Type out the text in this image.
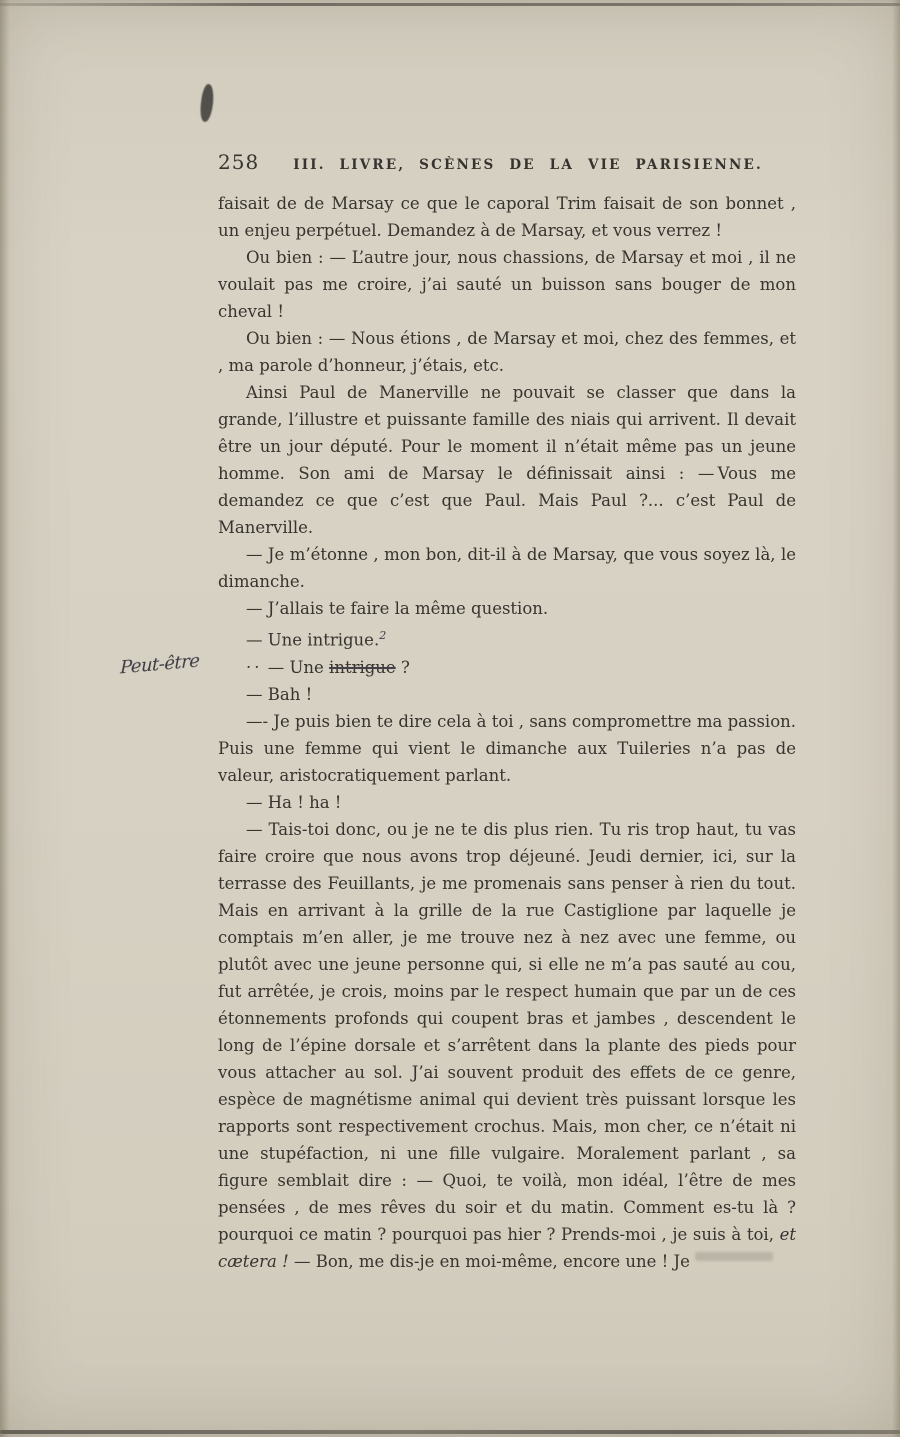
258	III. LIVRE, SCÈNES DE LA VIE PARISIENNE.

faisait de de Marsay ce que le caporal Trim faisait de son bonnet , un enjeu perpétuel. Demandez à de Marsay, et vous verrez !

Ou bien : — L’autre jour, nous chassions, de Marsay et moi , il ne voulait pas me croire, j’ai sauté un buisson sans bouger de mon cheval !

Ou bien : — Nous étions , de Marsay et moi, chez des femmes, et , ma parole d’honneur, j’étais, etc.

Ainsi Paul de Manerville ne pouvait se classer que dans la grande, l’illustre et puissante famille des niais qui arrivent. Il devait être un jour député. Pour le moment il n’était même pas un jeune homme. Son ami de Marsay le définissait ainsi : — Vous me demandez ce que c’est que Paul. Mais Paul ?... c’est Paul de Manerville.

— Je m’étonne , mon bon, dit-il à de Marsay, que vous soyez là, le dimanche.

— J’allais te faire la même question.

— Une intrigue.$^2$

Peut-être	·· — Une intrigue ?

— Bah !

—- Je puis bien te dire cela à toi , sans compromettre ma passion. Puis une femme qui vient le dimanche aux Tuileries n’a pas de valeur, aristocratiquement parlant.

— Ha ! ha !

— Tais-toi donc, ou je ne te dis plus rien. Tu ris trop haut, tu vas faire croire que nous avons trop déjeuné. Jeudi dernier, ici, sur la terrasse des Feuillants, je me promenais sans penser à rien du tout. Mais en arrivant à la grille de la rue Castiglione par laquelle je comptais m’en aller, je me trouve nez à nez avec une femme, ou plutôt avec une jeune personne qui, si elle ne m’a pas sauté au cou, fut arrêtée, je crois, moins par le respect humain que par un de ces étonnements profonds qui coupent bras et jambes , descendent le long de l’épine dorsale et s’arrêtent dans la plante des pieds pour vous attacher au sol. J’ai souvent produit des effets de ce genre, espèce de magnétisme animal qui devient très puissant lorsque les rapports sont respectivement crochus. Mais, mon cher, ce n’était ni une stupéfaction, ni une fille vulgaire. Moralement parlant , sa figure semblait dire : — Quoi, te voilà, mon idéal, l’être de mes pensées , de mes rêves du soir et du matin. Comment es-tu là ? pourquoi ce matin ? pourquoi pas hier ? Prends-moi , je suis à toi, et cætera ! — Bon, me dis-je en moi-même, encore une ! Je
